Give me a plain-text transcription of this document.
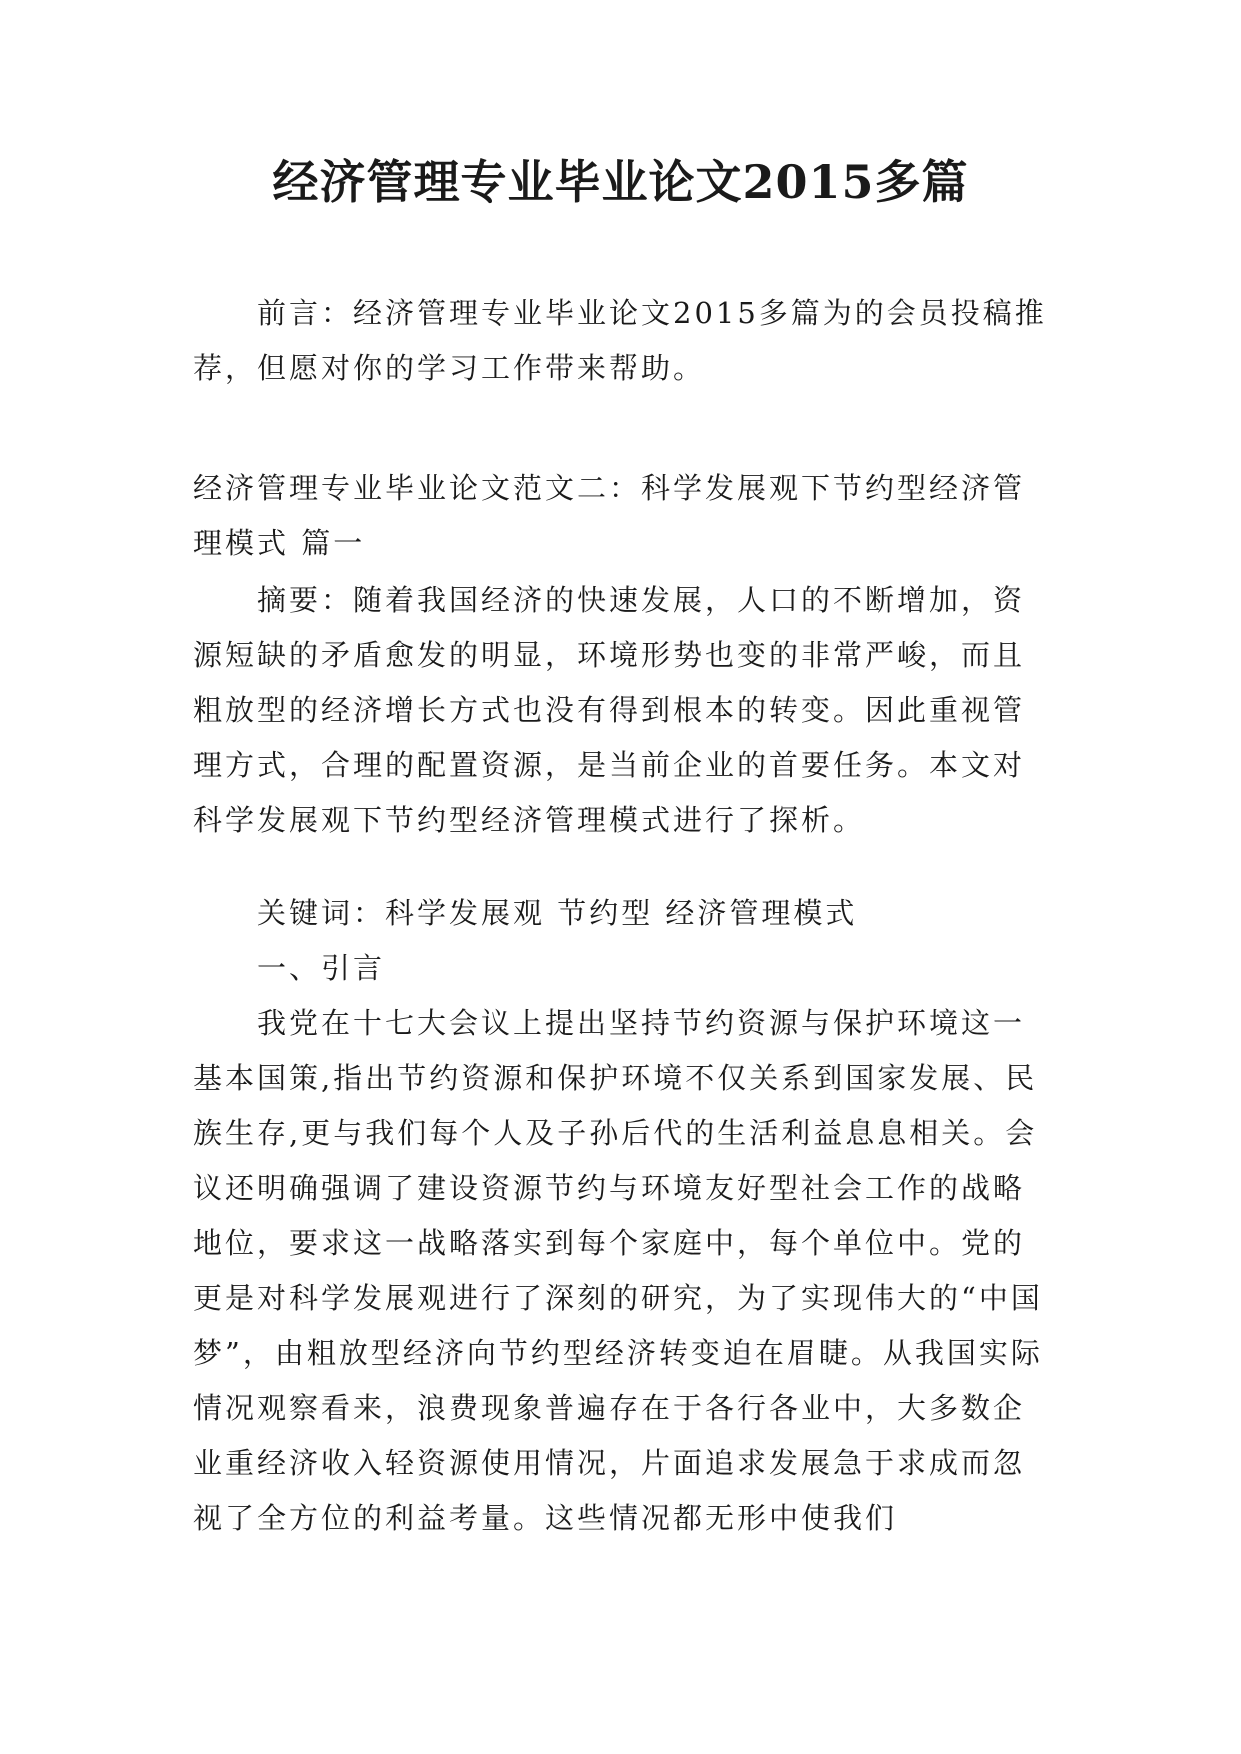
经济管理专业毕业论文2015多篇

前言：经济管理专业毕业论文2015多篇为的会员投稿推荐，但愿对你的学习工作带来帮助。

经济管理专业毕业论文范文二：科学发展观下节约型经济管理模式 篇一

摘要：随着我国经济的快速发展，人口的不断增加，资源短缺的矛盾愈发的明显，环境形势也变的非常严峻，而且粗放型的经济增长方式也没有得到根本的转变。因此重视管理方式，合理的配置资源，是当前企业的首要任务。本文对科学发展观下节约型经济管理模式进行了探析。

关键词：科学发展观 节约型 经济管理模式

一、引言

我党在十七大会议上提出坚持节约资源与保护环境这一基本国策,指出节约资源和保护环境不仅关系到国家发展、民族生存,更与我们每个人及子孙后代的生活利益息息相关。会议还明确强调了建设资源节约与环境友好型社会工作的战略地位，要求这一战略落实到每个家庭中，每个单位中。党的更是对科学发展观进行了深刻的研究，为了实现伟大的“中国梦”，由粗放型经济向节约型经济转变迫在眉睫。从我国实际情况观察看来，浪费现象普遍存在于各行各业中，大多数企业重经济收入轻资源使用情况，片面追求发展急于求成而忽视了全方位的利益考量。这些情况都无形中使我们
